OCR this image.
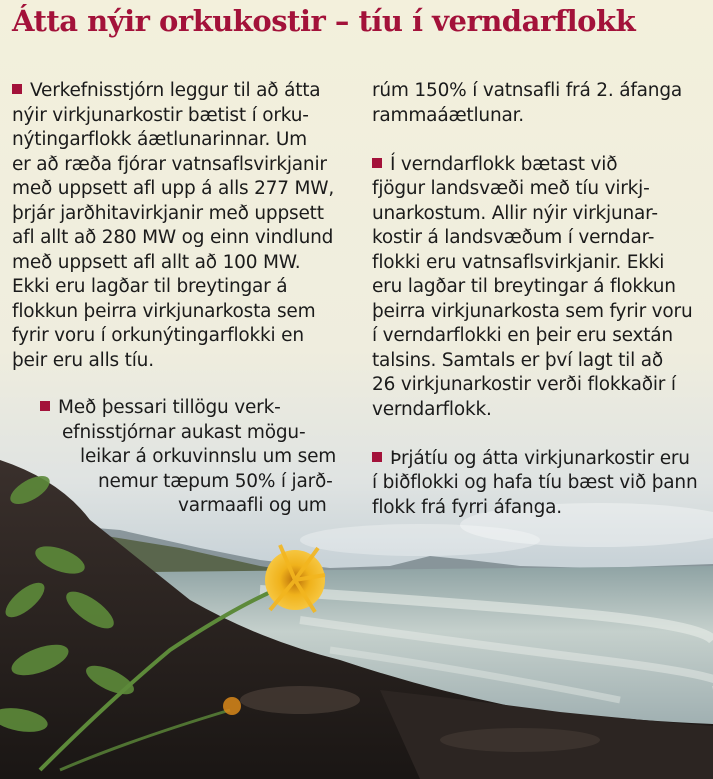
Átta nýir orkukostir – tíu í verndarflokk

Verkefnisstjórn leggur til að átta
nýir virkjunarkostir bætist í orku-
nýtingarflokk áætlunarinnar. Um
er að ræða fjórar vatnsaflsvirkjanir
með uppsett afl upp á alls 277 MW,
þrjár jarðhitavirkjanir með uppsett
afl allt að 280 MW og einn vindlund
með uppsett afl allt að 100 MW.
Ekki eru lagðar til breytingar á
flokkun þeirra virkjunarkosta sem
fyrir voru í orkunýtingarflokki en
þeir eru alls tíu.

Með þessari tillögu verk-
efnisstjórnar aukast mögu-
leikar á orkuvinnslu um sem
nemur tæpum 50% í jarð-
varmaafli og um

rúm 150% í vatnsafli frá 2. áfanga
rammaáætlunar.

Í verndarflokk bætast við
fjögur landsvæði með tíu virkj-
unarkostum. Allir nýir virkjunar-
kostir á landsvæðum í verndar-
flokki eru vatnsaflsvirkjanir. Ekki
eru lagðar til breytingar á flokkun
þeirra virkjunarkosta sem fyrir voru
í verndarflokki en þeir eru sextán
talsins. Samtals er því lagt til að
26 virkjunarkostir verði flokkaðir í
verndarflokk.

Þrjátíu og átta virkjunarkostir eru
í biðflokki og hafa tíu bæst við þann
flokk frá fyrri áfanga.
